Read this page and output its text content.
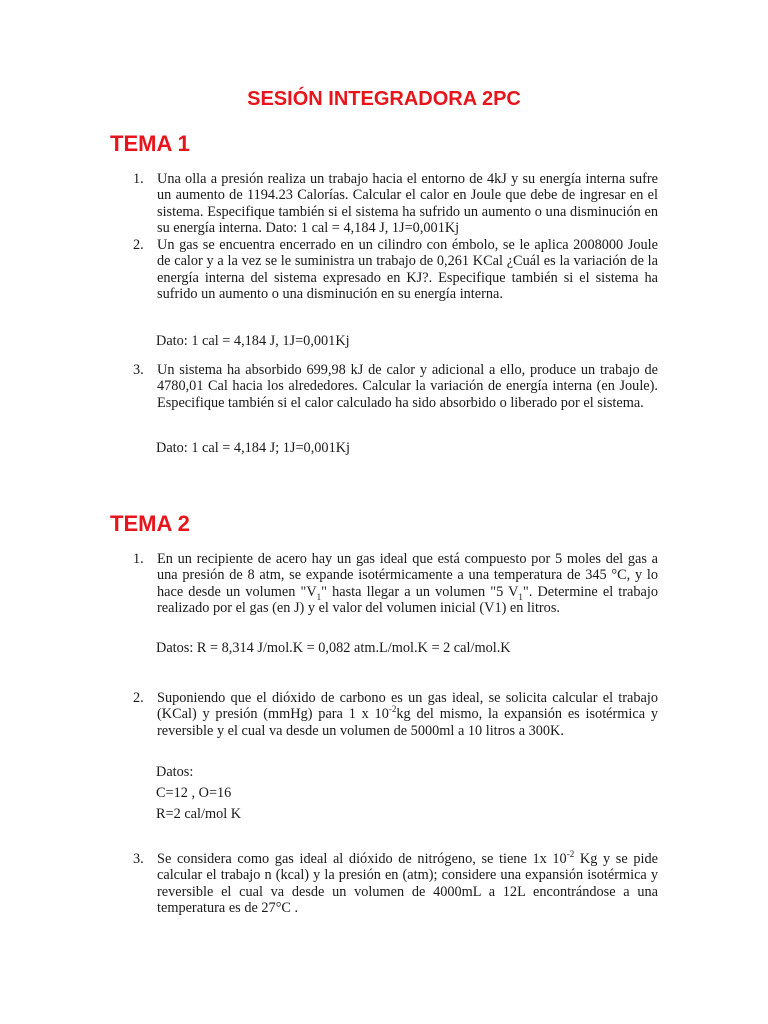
SESIÓN INTEGRADORA 2PC
TEMA 1
1. Una olla a presión realiza un trabajo hacia el entorno de 4kJ y su energía interna sufre un aumento de 1194.23 Calorías. Calcular el calor en Joule que debe de ingresar en el sistema. Especifique también si el sistema ha sufrido un aumento o una disminución en su energía interna. Dato: 1 cal = 4,184 J, 1J=0,001Kj
2. Un gas se encuentra encerrado en un cilindro con émbolo, se le aplica 2008000 Joule de calor y a la vez se le suministra un trabajo de 0,261 KCal ¿Cuál es la variación de la energía interna del sistema expresado en KJ?. Especifique también si el sistema ha sufrido un aumento o una disminución en su energía interna.
Dato: 1 cal = 4,184 J, 1J=0,001Kj
3. Un sistema ha absorbido 699,98 kJ de calor y adicional a ello, produce un trabajo de 4780,01 Cal hacia los alrededores. Calcular la variación de energía interna (en Joule). Especifique también si el calor calculado ha sido absorbido o liberado por el sistema.
Dato: 1 cal = 4,184 J; 1J=0,001Kj
TEMA 2
1. En un recipiente de acero hay un gas ideal que está compuesto por 5 moles del gas a una presión de 8 atm, se expande isotérmicamente a una temperatura de 345 °C, y lo hace desde un volumen "$V_1$" hasta llegar a un volumen "5 $V_1$". Determine el trabajo realizado por el gas (en J) y el valor del volumen inicial (V1) en litros.
Datos: R = 8,314 J/mol.K = 0,082 atm.L/mol.K = 2 cal/mol.K
2. Suponiendo que el dióxido de carbono es un gas ideal, se solicita calcular el trabajo (KCal) y presión (mmHg) para 1 x $10^{-2}kg$ del mismo, la expansión es isotérmica y reversible y el cual va desde un volumen de 5000ml a 10 litros a 300K.
Datos:
C=12 , O=16
R=2 cal/mol K
3. Se considera como gas ideal al dióxido de nitrógeno, se tiene 1x $10^{-2}$ Kg y se pide calcular el trabajo n (kcal) y la presión en (atm); considere una expansión isotérmica y reversible el cual va desde un volumen de 4000mL a 12L encontrándose a una temperatura es de 27°C .
